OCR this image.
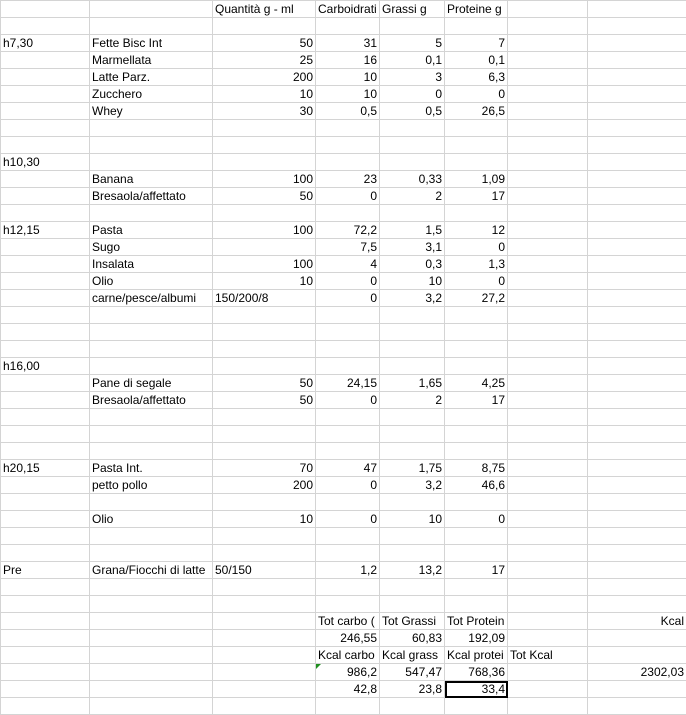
		Quantità g - ml	Carboidrati	Grassi g	Proteine g		

h7,30	Fette Bisc Int	50	31	5	7		
	Marmellata	25	16	0,1	0,1		
	Latte Parz.	200	10	3	6,3		
	Zucchero	10	10	0	0		
	Whey	30	0,5	0,5	26,5		

h10,30							
	Banana	100	23	0,33	1,09		
	Bresaola/affettato	50	0	2	17		

h12,15	Pasta	100	72,2	1,5	12		
	Sugo		7,5	3,1	0		
	Insalata	100	4	0,3	1,3		
	Olio	10	0	10	0		
	carne/pesce/albumi	150/200/8	0	3,2	27,2		

h16,00							
	Pane di segale	50	24,15	1,65	4,25		
	Bresaola/affettato	50	0	2	17		

h20,15	Pasta Int.	70	47	1,75	8,75		
	petto pollo	200	0	3,2	46,6		

	Olio	10	0	10	0		

Pre	Grana/Fiocchi di latte	50/150	1,2	13,2	17		

			Tot carbo (	Tot Grassi	Tot Protein		Kcal
			246,55	60,83	192,09		
			Kcal carbo	Kcal grass	Kcal protei	Tot Kcal	
			986,2	547,47	768,36		2302,03
			42,8	23,8	33,4		
